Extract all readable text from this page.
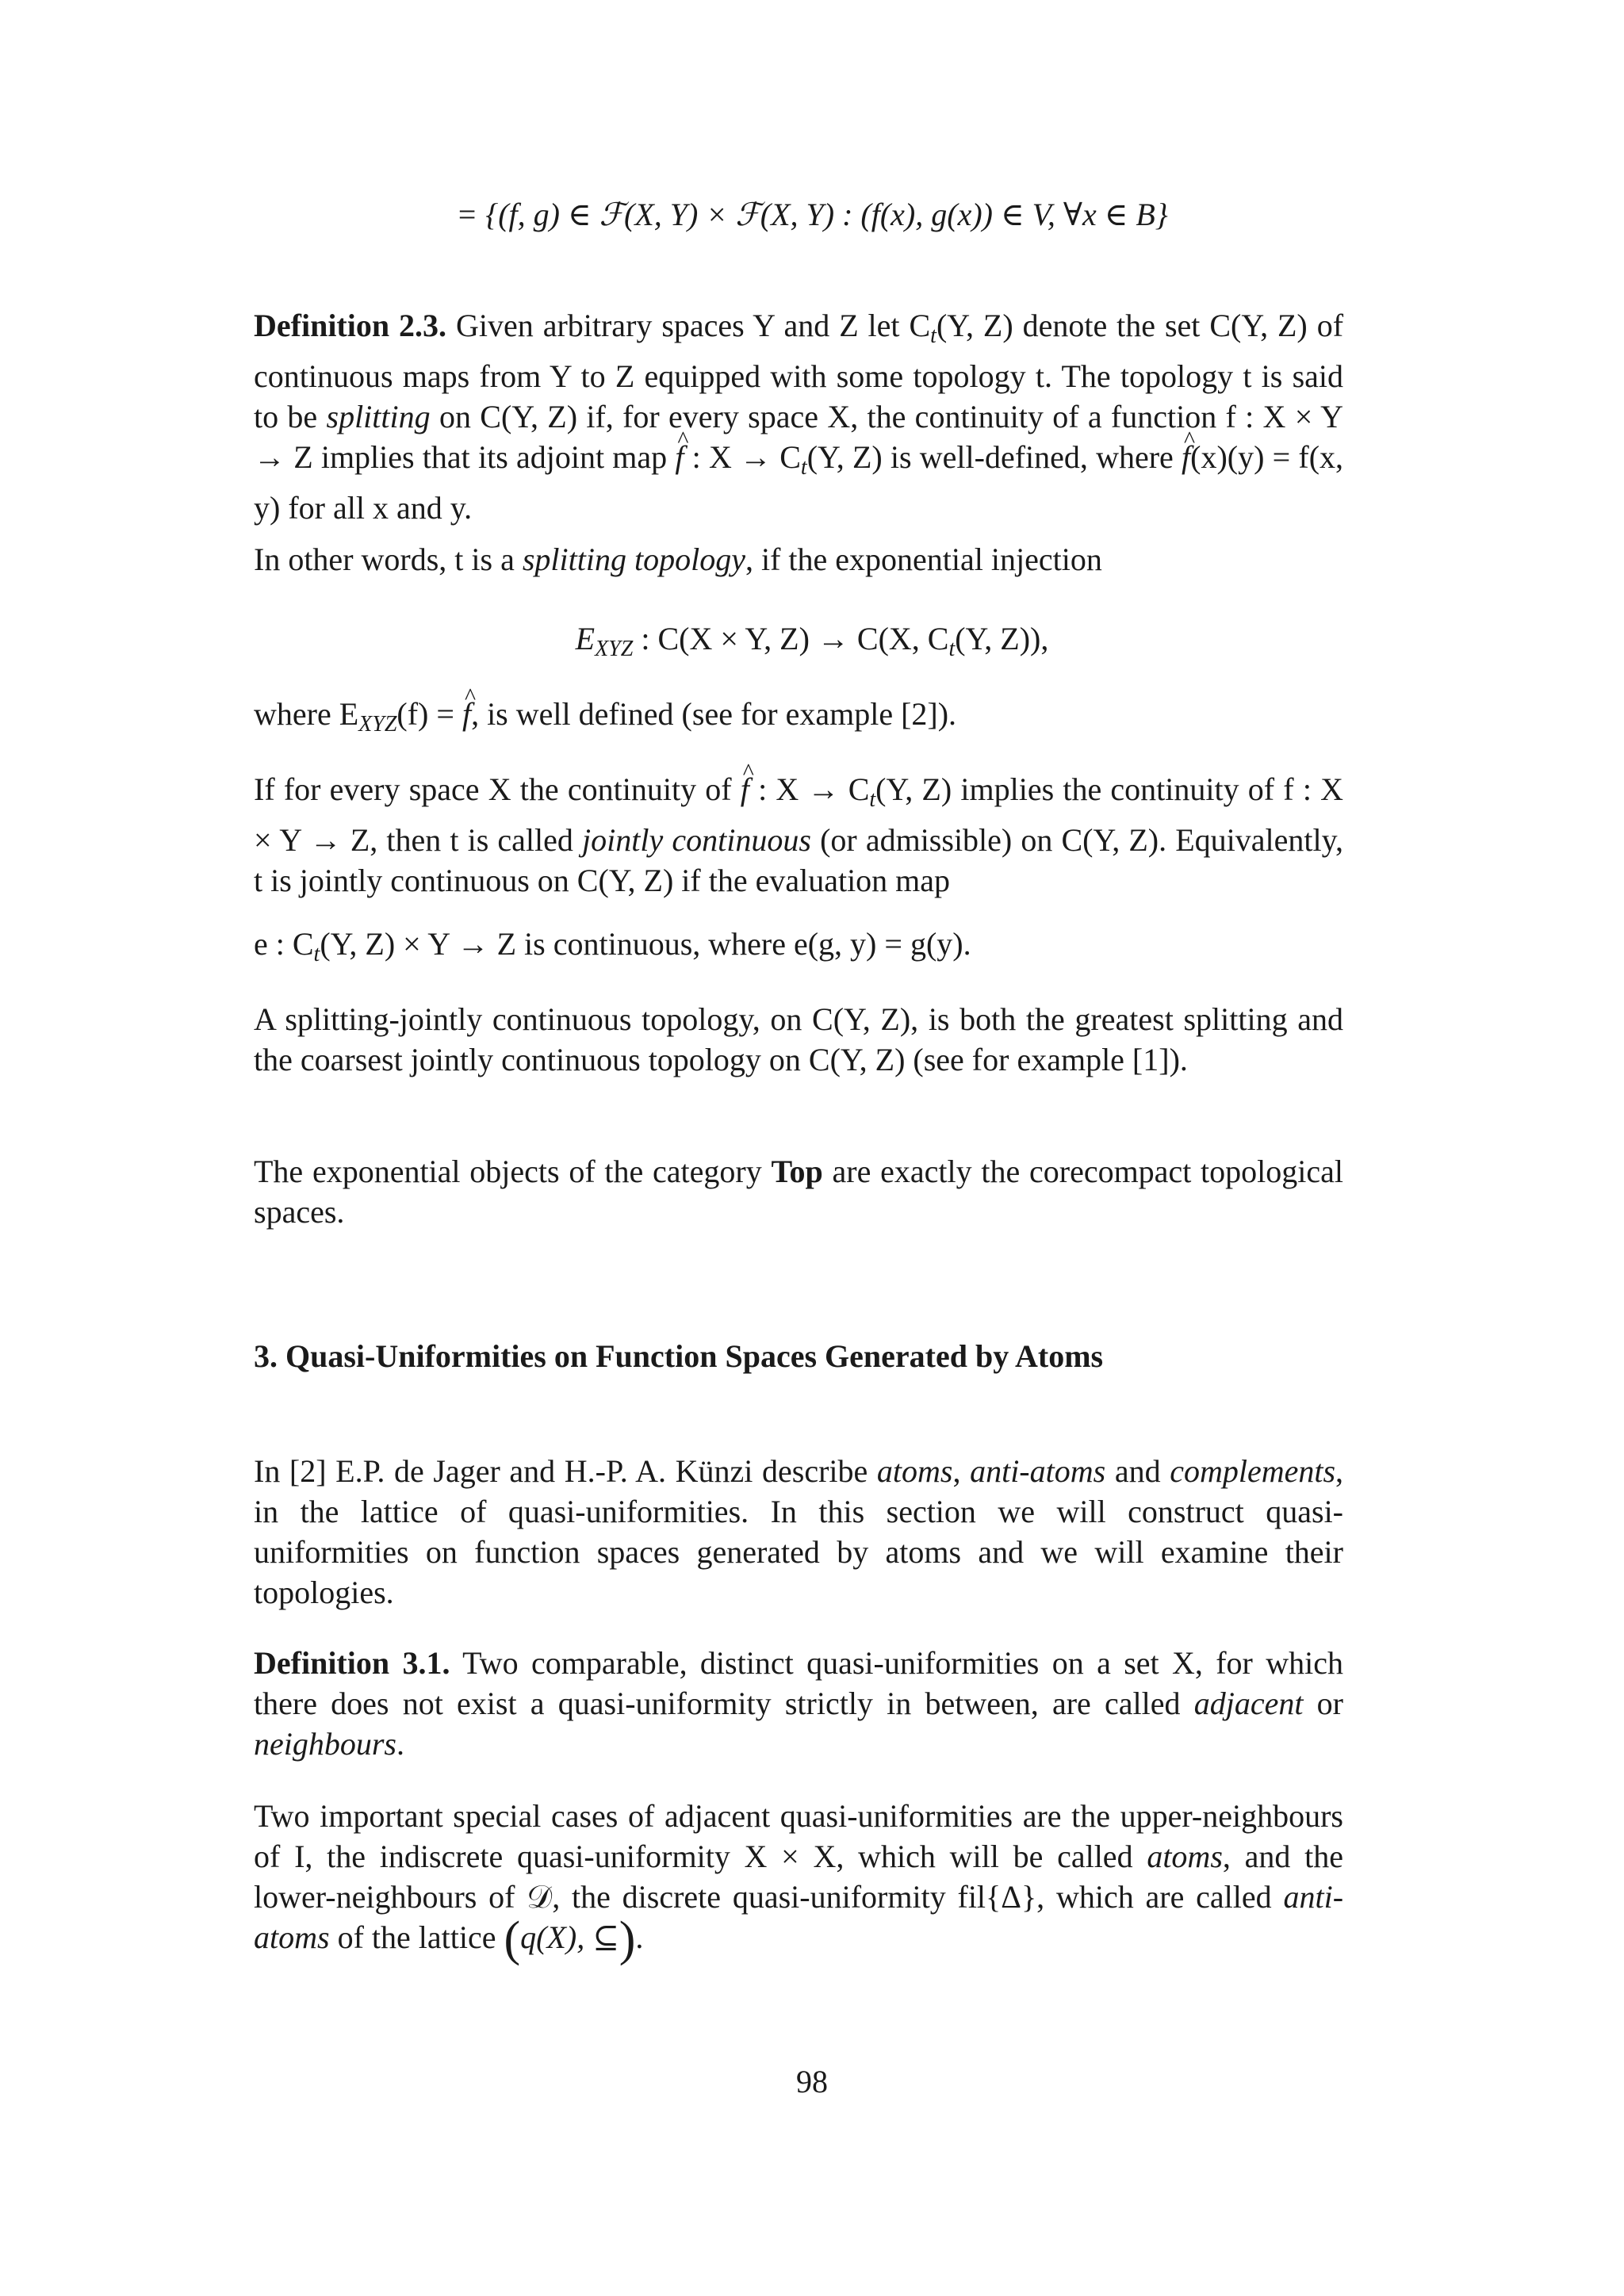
= {(f, g) ∈ ℱ(X, Y) × ℱ(X, Y) : (f(x), g(x)) ∈ V, ∀x ∈ B}
Definition 2.3. Given arbitrary spaces Y and Z let $C_t(Y$, Z) denote the set C(Y, Z) of continuous maps from Y to Z equipped with some topology t. The topology t is said to be splitting on C(Y, Z) if, for every space X, the continuity of a function f : X × Y → Z implies that its adjoint map f ^ : $X \to C_t(Y$, Z) is well-defined, where f ^(x)(y) = f(x, y) for all x and y.
In other words, t is a splitting topology, if the exponential injection
$E_{XYZ}$ : C(X × Y, Z) → C(X, $C_t(Y$, Z)),
where $E_{XYZ}(f) = f$ ^, is well defined (see for example [2]).
If for every space X the continuity of f ^ : $X \to C_t(Y$, Z) implies the continuity of f : X × Y → Z, then t is called jointly continuous (or admissible) on C(Y, Z). Equivalently, t is jointly continuous on C(Y, Z) if the evaluation map
e : $C_t(Y$, Z) × Y → Z is continuous, where e(g, y) = g(y).
A splitting-jointly continuous topology, on C(Y, Z), is both the greatest splitting and the coarsest jointly continuous topology on C(Y, Z) (see for example [1]).
The exponential objects of the category Top are exactly the corecompact topological spaces.
3. Quasi-Uniformities on Function Spaces Generated by Atoms
In [2] E.P. de Jager and H.-P. A. Künzi describe atoms, anti-atoms and complements, in the lattice of quasi-uniformities. In this section we will construct quasi-uniformities on function spaces generated by atoms and we will examine their topologies.
Definition 3.1. Two comparable, distinct quasi-uniformities on a set X, for which there does not exist a quasi-uniformity strictly in between, are called adjacent or neighbours.
Two important special cases of adjacent quasi-uniformities are the upper-neighbours of I, the indiscrete quasi-uniformity X × X, which will be called atoms, and the lower-neighbours of 𝒟, the discrete quasi-uniformity fil{Δ}, which are called anti-atoms of the lattice (q(X), ⊆).
98
